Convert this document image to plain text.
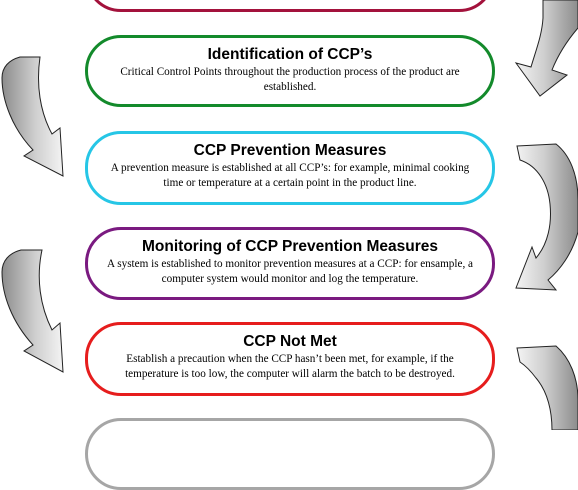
Identification of CCP’s
Critical Control Points throughout the production process of the product are established.
CCP Prevention Measures
A prevention measure is established at all CCP’s: for example, minimal cooking time or temperature at a certain point in the product line.
Monitoring of CCP Prevention Measures
A system is established to monitor prevention measures at a CCP: for ensample, a computer system would monitor and log the temperature.
CCP Not Met
Establish a precaution when the CCP hasn’t been met, for example, if the temperature is too low, the computer will alarm the batch to be destroyed.
